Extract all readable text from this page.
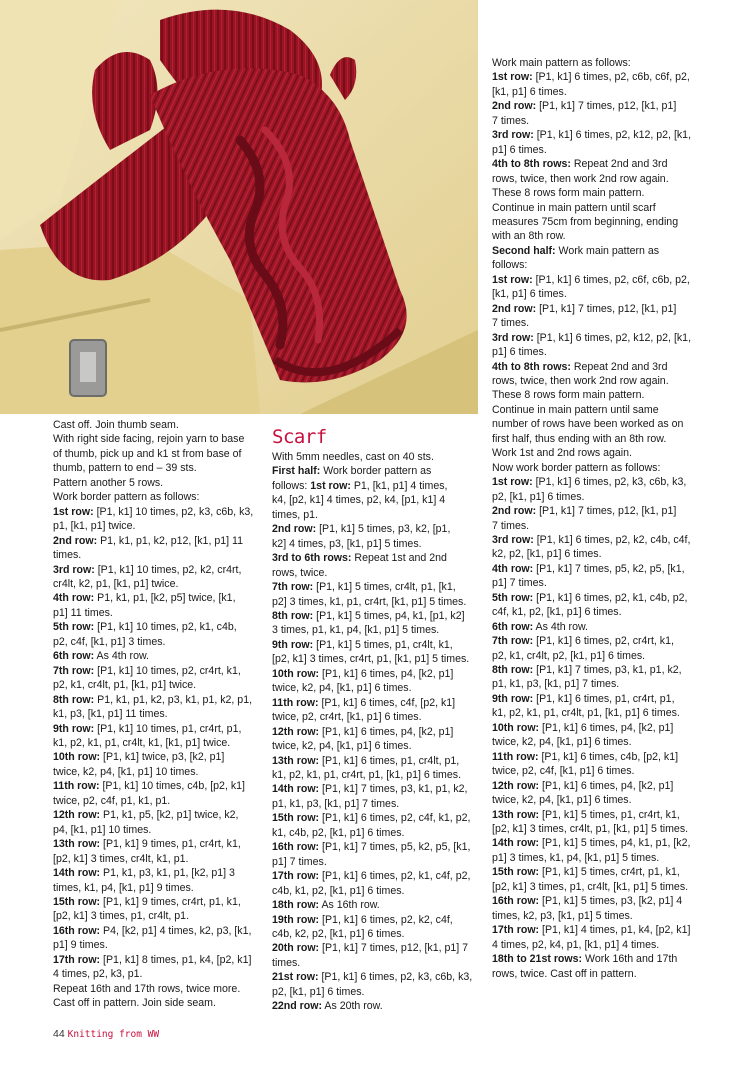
Cast off. Join thumb seam.
With right side facing, rejoin yarn to base
of thumb, pick up and k1 st from base of
thumb, pattern to end – 39 sts.
Pattern another 5 rows.
Work border pattern as follows:
1st row: [P1, k1] 10 times, p2, k3, c6b, k3,
p1, [k1, p1] twice.
2nd row: P1, k1, p1, k2, p12, [k1, p1] 11
times.
3rd row: [P1, k1] 10 times, p2, k2, cr4rt,
cr4lt, k2, p1, [k1, p1] twice.
4th row: P1, k1, p1, [k2, p5] twice, [k1,
p1] 11 times.
5th row: [P1, k1] 10 times, p2, k1, c4b,
p2, c4f, [k1, p1] 3 times.
6th row: As 4th row.
7th row: [P1, k1] 10 times, p2, cr4rt, k1,
p2, k1, cr4lt, p1, [k1, p1] twice.
8th row: P1, k1, p1, k2, p3, k1, p1, k2, p1,
k1, p3, [k1, p1] 11 times.
9th row: [P1, k1] 10 times, p1, cr4rt, p1,
k1, p2, k1, p1, cr4lt, k1, [k1, p1] twice.
10th row: [P1, k1] twice, p3, [k2, p1]
twice, k2, p4, [k1, p1] 10 times.
11th row: [P1, k1] 10 times, c4b, [p2, k1]
twice, p2, c4f, p1, k1, p1.
12th row: P1, k1, p5, [k2, p1] twice, k2,
p4, [k1, p1] 10 times.
13th row: [P1, k1] 9 times, p1, cr4rt, k1,
[p2, k1] 3 times, cr4lt, k1, p1.
14th row: P1, k1, p3, k1, p1, [k2, p1] 3
times, k1, p4, [k1, p1] 9 times.
15th row: [P1, k1] 9 times, cr4rt, p1, k1,
[p2, k1] 3 times, p1, cr4lt, p1.
16th row: P4, [k2, p1] 4 times, k2, p3, [k1,
p1] 9 times.
17th row: [P1, k1] 8 times, p1, k4, [p2, k1]
4 times, p2, k3, p1.
Repeat 16th and 17th rows, twice more.
Cast off in pattern. Join side seam.
Scarf
With 5mm needles, cast on 40 sts.
First half: Work border pattern as
follows: 1st row: P1, [k1, p1] 4 times,
k4, [p2, k1] 4 times, p2, k4, [p1, k1] 4
times, p1.
2nd row: [P1, k1] 5 times, p3, k2, [p1,
k2] 4 times, p3, [k1, p1] 5 times.
3rd to 6th rows: Repeat 1st and 2nd
rows, twice.
7th row: [P1, k1] 5 times, cr4lt, p1, [k1,
p2] 3 times, k1, p1, cr4rt, [k1, p1] 5 times.
8th row: [P1, k1] 5 times, p4, k1, [p1, k2]
3 times, p1, k1, p4, [k1, p1] 5 times.
9th row: [P1, k1] 5 times, p1, cr4lt, k1,
[p2, k1] 3 times, cr4rt, p1, [k1, p1] 5 times.
10th row: [P1, k1] 6 times, p4, [k2, p1]
twice, k2, p4, [k1, p1] 6 times.
11th row: [P1, k1] 6 times, c4f, [p2, k1]
twice, p2, cr4rt, [k1, p1] 6 times.
12th row: [P1, k1] 6 times, p4, [k2, p1]
twice, k2, p4, [k1, p1] 6 times.
13th row: [P1, k1] 6 times, p1, cr4lt, p1,
k1, p2, k1, p1, cr4rt, p1, [k1, p1] 6 times.
14th row: [P1, k1] 7 times, p3, k1, p1, k2,
p1, k1, p3, [k1, p1] 7 times.
15th row: [P1, k1] 6 times, p2, c4f, k1, p2,
k1, c4b, p2, [k1, p1] 6 times.
16th row: [P1, k1] 7 times, p5, k2, p5, [k1,
p1] 7 times.
17th row: [P1, k1] 6 times, p2, k1, c4f, p2,
c4b, k1, p2, [k1, p1] 6 times.
18th row: As 16th row.
19th row: [P1, k1] 6 times, p2, k2, c4f,
c4b, k2, p2, [k1, p1] 6 times.
20th row: [P1, k1] 7 times, p12, [k1, p1] 7
times.
21st row: [P1, k1] 6 times, p2, k3, c6b, k3,
p2, [k1, p1] 6 times.
22nd row: As 20th row.
Work main pattern as follows:
1st row: [P1, k1] 6 times, p2, c6b, c6f, p2,
[k1, p1] 6 times.
2nd row: [P1, k1] 7 times, p12, [k1, p1]
7 times.
3rd row: [P1, k1] 6 times, p2, k12, p2, [k1,
p1] 6 times.
4th to 8th rows: Repeat 2nd and 3rd
rows, twice, then work 2nd row again.
These 8 rows form main pattern.
Continue in main pattern until scarf
measures 75cm from beginning, ending
with an 8th row.
Second half: Work main pattern as
follows:
1st row: [P1, k1] 6 times, p2, c6f, c6b, p2,
[k1, p1] 6 times.
2nd row: [P1, k1] 7 times, p12, [k1, p1]
7 times.
3rd row: [P1, k1] 6 times, p2, k12, p2, [k1,
p1] 6 times.
4th to 8th rows: Repeat 2nd and 3rd
rows, twice, then work 2nd row again.
These 8 rows form main pattern.
Continue in main pattern until same
number of rows have been worked as on
first half, thus ending with an 8th row.
Work 1st and 2nd rows again.
Now work border pattern as follows:
1st row: [P1, k1] 6 times, p2, k3, c6b, k3,
p2, [k1, p1] 6 times.
2nd row: [P1, k1] 7 times, p12, [k1, p1]
7 times.
3rd row: [P1, k1] 6 times, p2, k2, c4b, c4f,
k2, p2, [k1, p1] 6 times.
4th row: [P1, k1] 7 times, p5, k2, p5, [k1,
p1] 7 times.
5th row: [P1, k1] 6 times, p2, k1, c4b, p2,
c4f, k1, p2, [k1, p1] 6 times.
6th row: As 4th row.
7th row: [P1, k1] 6 times, p2, cr4rt, k1,
p2, k1, cr4lt, p2, [k1, p1] 6 times.
8th row: [P1, k1] 7 times, p3, k1, p1, k2,
p1, k1, p3, [k1, p1] 7 times.
9th row: [P1, k1] 6 times, p1, cr4rt, p1,
k1, p2, k1, p1, cr4lt, p1, [k1, p1] 6 times.
10th row: [P1, k1] 6 times, p4, [k2, p1]
twice, k2, p4, [k1, p1] 6 times.
11th row: [P1, k1] 6 times, c4b, [p2, k1]
twice, p2, c4f, [k1, p1] 6 times.
12th row: [P1, k1] 6 times, p4, [k2, p1]
twice, k2, p4, [k1, p1] 6 times.
13th row: [P1, k1] 5 times, p1, cr4rt, k1,
[p2, k1] 3 times, cr4lt, p1, [k1, p1] 5 times.
14th row: [P1, k1] 5 times, p4, k1, p1, [k2,
p1] 3 times, k1, p4, [k1, p1] 5 times.
15th row: [P1, k1] 5 times, cr4rt, p1, k1,
[p2, k1] 3 times, p1, cr4lt, [k1, p1] 5 times.
16th row: [P1, k1] 5 times, p3, [k2, p1] 4
times, k2, p3, [k1, p1] 5 times.
17th row: [P1, k1] 4 times, p1, k4, [p2, k1]
4 times, p2, k4, p1, [k1, p1] 4 times.
18th to 21st rows: Work 16th and 17th
rows, twice. Cast off in pattern.
44 Knitting from WW
